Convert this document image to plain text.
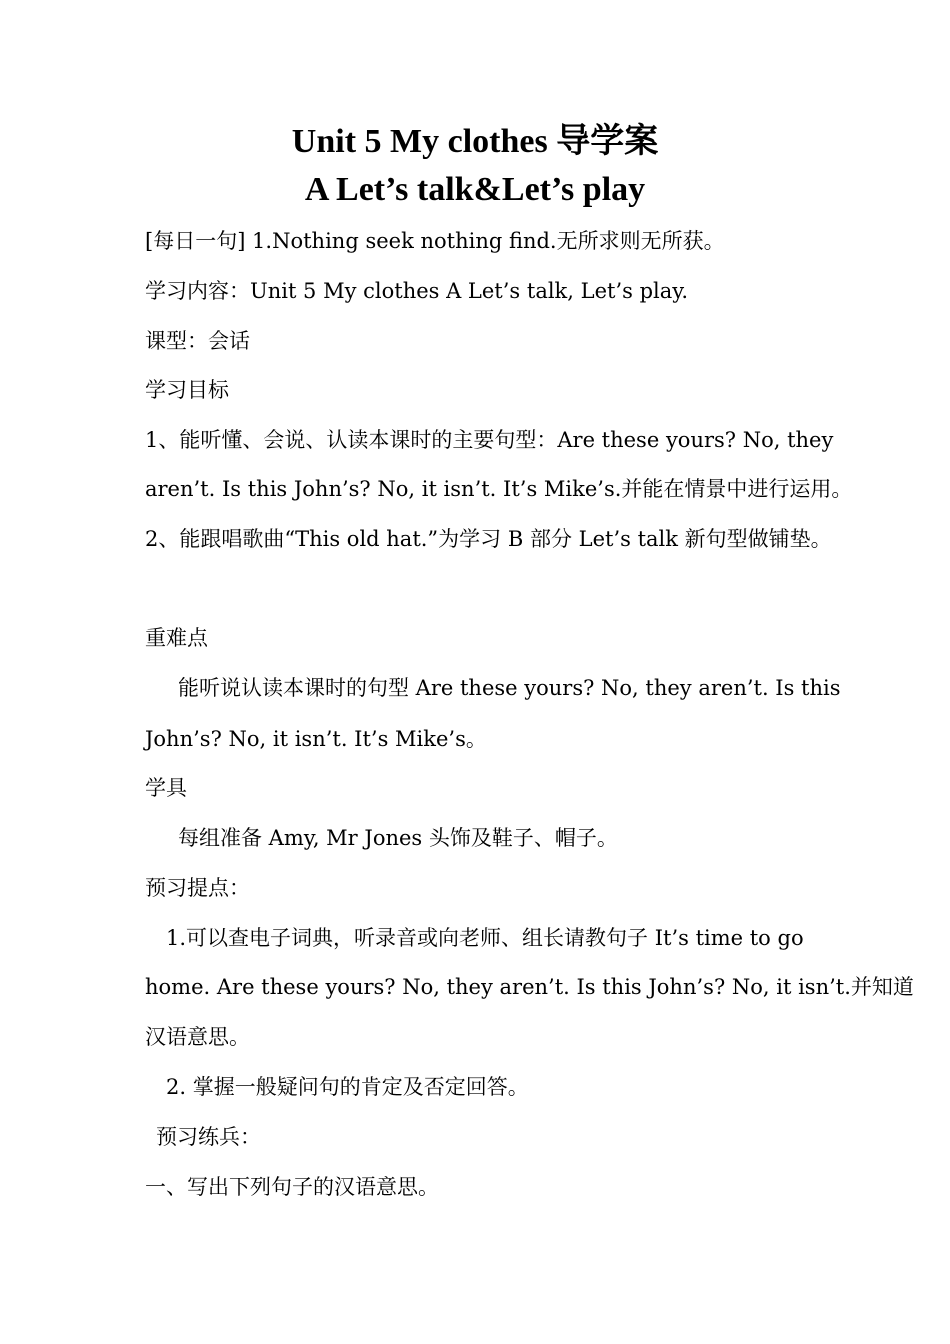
Unit 5 My clothes 导学案
A Let’s talk&Let’s play
[每日一句] 1.Nothing seek nothing find.无所求则无所获。
学习内容：Unit 5 My clothes A Let’s talk, Let’s play.
课型：会话
学习目标
1、能听懂、会说、认读本课时的主要句型：Are these yours? No, they
aren’t. Is this John’s? No, it isn’t. It’s Mike’s.并能在情景中进行运用。
2、能跟唱歌曲“This old hat.”为学习 B 部分 Let’s talk 新句型做铺垫。
重难点
能听说认读本课时的句型 Are these yours? No, they aren’t. Is this
John’s? No, it isn’t. It’s Mike’s。
学具
每组准备 Amy, Mr Jones 头饰及鞋子、帽子。
预习提点：
1.可以查电子词典，听录音或向老师、组长请教句子 It’s time to go
home. Are these yours? No, they aren’t. Is this John’s? No, it isn’t.并知道
汉语意思。
2. 掌握一般疑问句的肯定及否定回答。
预习练兵：
一、写出下列句子的汉语意思。
